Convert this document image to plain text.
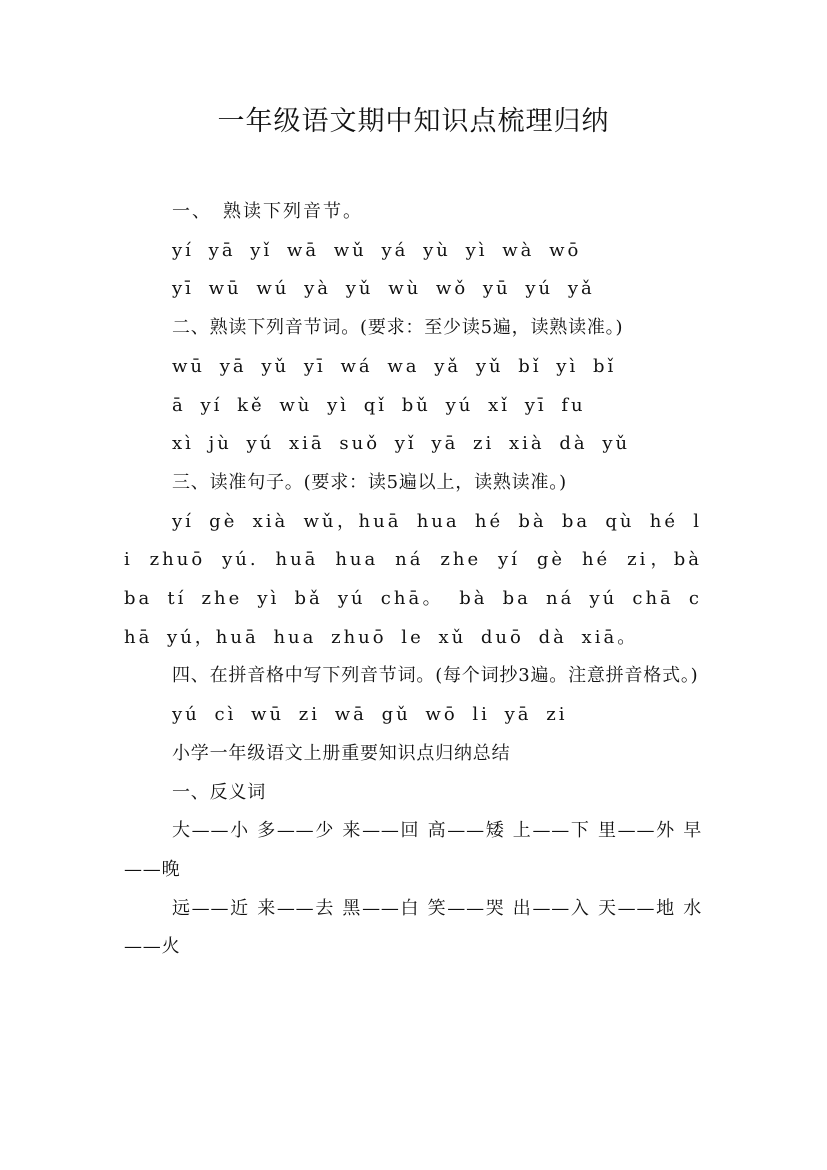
一年级语文期中知识点梳理归纳

一、　熟读下列音节。

yí yā yǐ wā wǔ yá yù yì wà wō

yī wū wú yà yǔ wù wǒ yū yú yǎ

二、熟读下列音节词。(要求：至少读5遍，读熟读准。)

wū yā yǔ yī wá wa yǎ yǔ bǐ yì bǐ

ā yí kě wù yì qǐ bǔ yú xǐ yī fu

xì jù yú xiā suǒ yǐ yā zi xià dà yǔ

三、读准句子。(要求：读5遍以上，读熟读准。)

yí gè xià wǔ，huā hua hé bà ba qù hé li zhuō yú. huā hua ná zhe yí gè hé zi，bà ba tí zhe yì bǎ yú chā。 bà ba ná yú chā chā yú，huā hua zhuō le xǔ duō dà xiā。

四、在拼音格中写下列音节词。(每个词抄3遍。注意拼音格式。)

yú cì wū zi wā gǔ wō li yā zi

小学一年级语文上册重要知识点归纳总结

一、反义词

大——小 多——少 来——回 高——矮 上——下 里——外 早——晚

远——近 来——去 黑——白 笑——哭 出——入 天——地 水——火
